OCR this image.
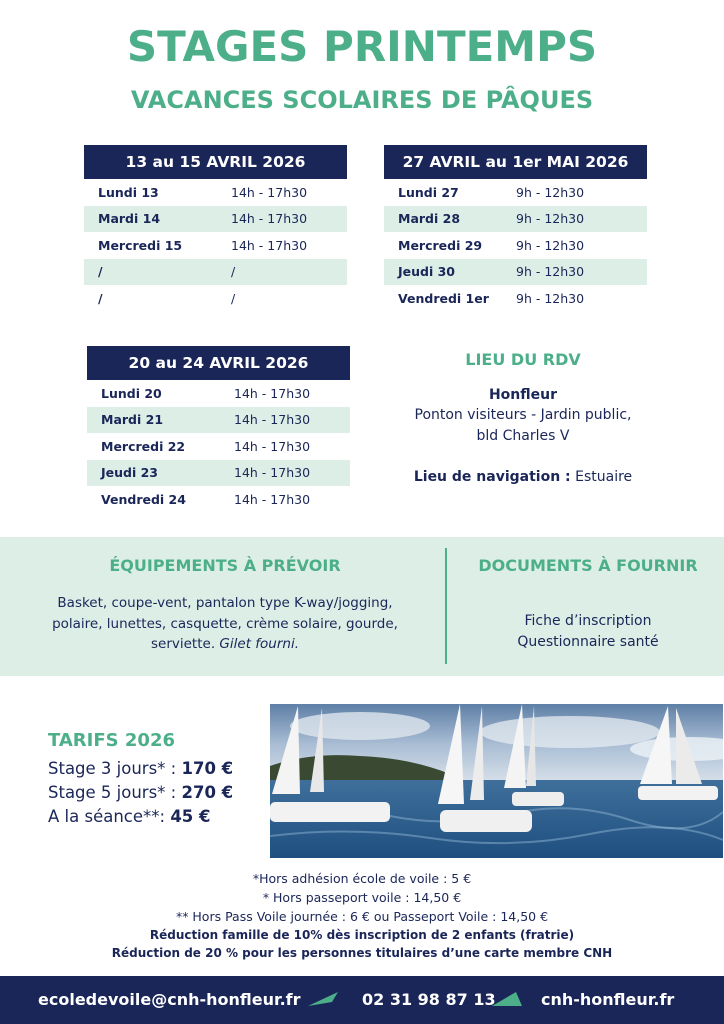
STAGES PRINTEMPS
VACANCES SCOLAIRES DE PÂQUES
13 au 15 AVRIL 2026
Lundi 13	14h - 17h30
Mardi 14	14h - 17h30
Mercredi 15	14h - 17h30
/	/
/	/
27 AVRIL au 1er MAI 2026
Lundi 27	9h - 12h30
Mardi 28	9h - 12h30
Mercredi 29	9h - 12h30
Jeudi 30	9h - 12h30
Vendredi 1er	9h - 12h30
20 au 24 AVRIL 2026
Lundi 20	14h - 17h30
Mardi 21	14h - 17h30
Mercredi 22	14h - 17h30
Jeudi 23	14h - 17h30
Vendredi 24	14h - 17h30
LIEU DU RDV
Honfleur
Ponton visiteurs - Jardin public,
bld Charles V
Lieu de navigation : Estuaire
ÉQUIPEMENTS À PRÉVOIR
Basket, coupe-vent, pantalon type K-way/jogging,
polaire, lunettes, casquette, crème solaire, gourde,
serviette. Gilet fourni.
DOCUMENTS À FOURNIR
Fiche d’inscription
Questionnaire santé
TARIFS 2026
Stage 3 jours* : 170 €
Stage 5 jours* : 270 €
A la séance**: 45 €
*Hors adhésion école de voile : 5 €
* Hors passeport voile : 14,50 €
** Hors Pass Voile journée : 6 € ou Passeport Voile : 14,50 €
Réduction famille de 10% dès inscription de 2 enfants (fratrie)
Réduction de 20 % pour les personnes titulaires d’une carte membre CNH
ecoledevoile@cnh-honfleur.fr	02 31 98 87 13	cnh-honfleur.fr
